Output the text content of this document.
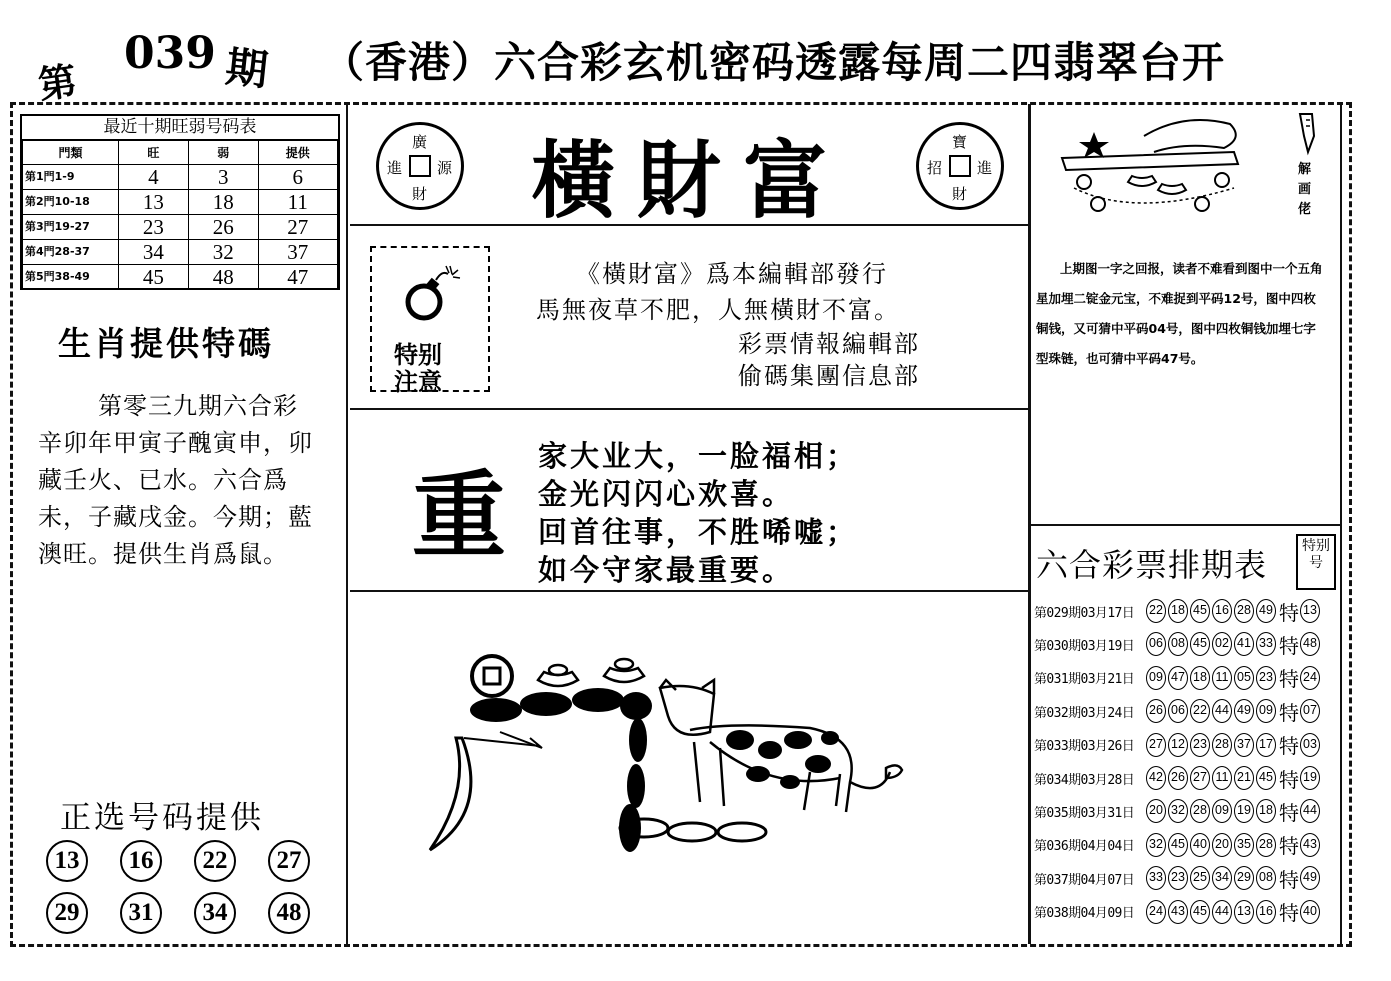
第
039 期 （香港）六合彩玄机密码透露每周二四翡翠台开
最近十期旺弱号码表
門類	旺	弱	提供
第1門1-9	4	3	6
第2門10-18	13	18	11
第3門19-27	23	26	27
第4門28-37	34	32	37
第5門38-49	45	48	47
生肖提供特碼
第零三九期六合彩辛卯年甲寅子醜寅申，卯藏壬火、已水。六合爲未，子藏戌金。今期；藍澳旺。提供生肖爲鼠。
正选号码提供
13	16	22	27
29	31	34	48
廣
進 源
財	橫財富	寶
招 進
財
特别
注意
《橫財富》爲本編輯部發行
馬無夜草不肥，人無橫財不富。
彩票情報編輯部
偷碼集團信息部
重
家大业大，一脸福相；
金光闪闪心欢喜。
回首往事，不胜唏嘘；
如今守家最重要。
解画佬
上期图一字之回报，读者不难看到图中一个五角星加埋二锭金元宝，不难捉到平码12号，图中四枚铜钱，又可猜中平码04号，图中四枚铜钱加埋七字型珠链，也可猜中平码47号。
六合彩票排期表	特别号
第029期03月17日	22 18 45 16 28 49 特 13
第030期03月19日	06 08 45 02 41 33 特 48
第031期03月21日	09 47 18 11 05 23 特 24
第032期03月24日	26 06 22 44 49 09 特 07
第033期03月26日	27 12 23 28 37 17 特 03
第034期03月28日	42 26 27 11 21 45 特 19
第035期03月31日	20 32 28 09 19 18 特 44
第036期04月04日	32 45 40 20 35 28 特 43
第037期04月07日	33 23 25 34 29 08 特 49
第038期04月09日	24 43 45 44 13 16 特 40
